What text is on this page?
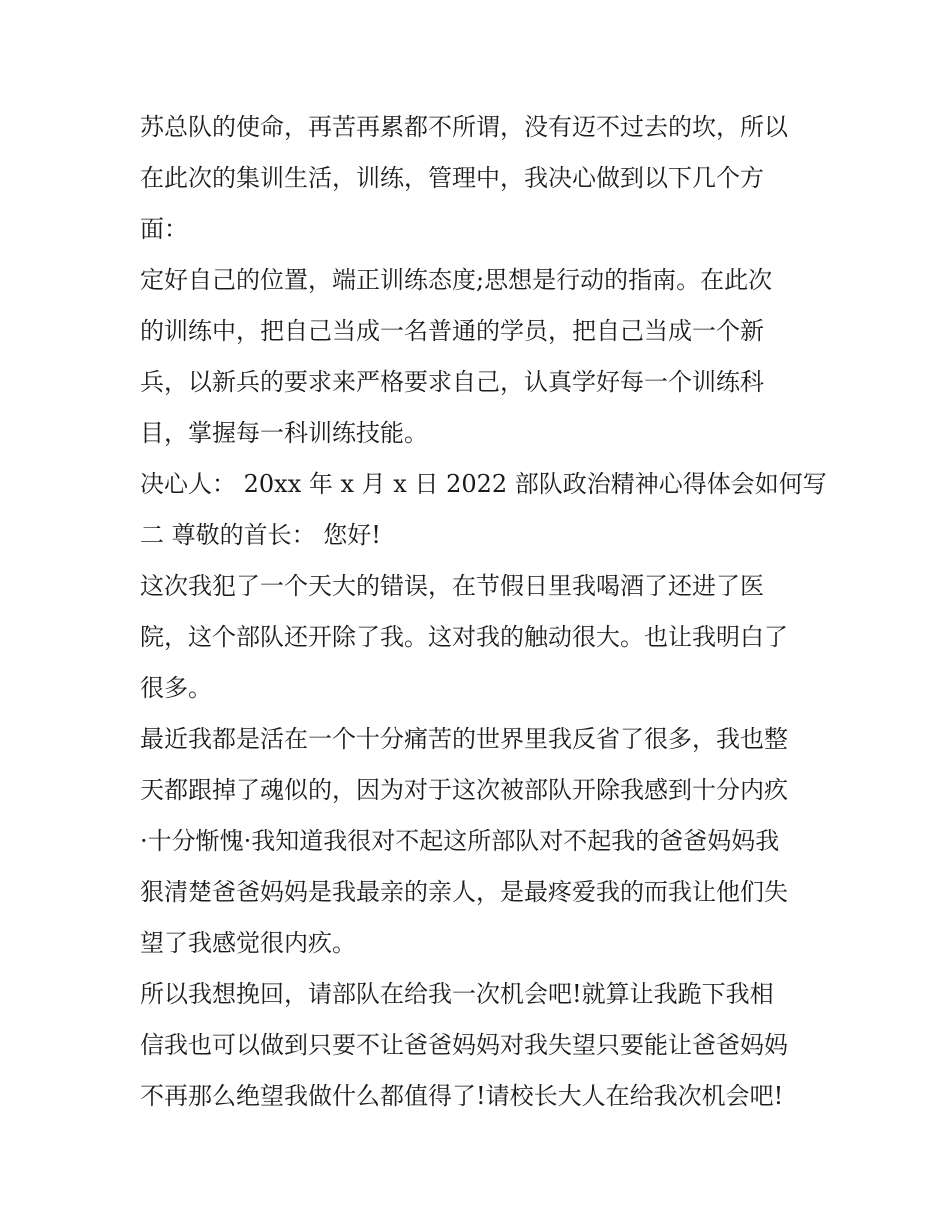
苏总队的使命，再苦再累都不所谓，没有迈不过去的坎，所以
在此次的集训生活，训练，管理中，我决心做到以下几个方
面：
定好自己的位置，端正训练态度;思想是行动的指南。在此次
的训练中，把自己当成一名普通的学员，把自己当成一个新
兵，以新兵的要求来严格要求自己，认真学好每一个训练科
目，掌握每一科训练技能。
决心人： 20xx 年 x 月 x 日 2022 部队政治精神心得体会如何写
二 尊敬的首长： 您好!
这次我犯了一个天大的错误，在节假日里我喝酒了还进了医
院，这个部队还开除了我。这对我的触动很大。也让我明白了
很多。
最近我都是活在一个十分痛苦的世界里我反省了很多，我也整
天都跟掉了魂似的，因为对于这次被部队开除我感到十分内疚
·十分惭愧·我知道我很对不起这所部队对不起我的爸爸妈妈我
狠清楚爸爸妈妈是我最亲的亲人，是最疼爱我的而我让他们失
望了我感觉很内疚。
所以我想挽回，请部队在给我一次机会吧!就算让我跪下我相
信我也可以做到只要不让爸爸妈妈对我失望只要能让爸爸妈妈
不再那么绝望我做什么都值得了!请校长大人在给我次机会吧!
